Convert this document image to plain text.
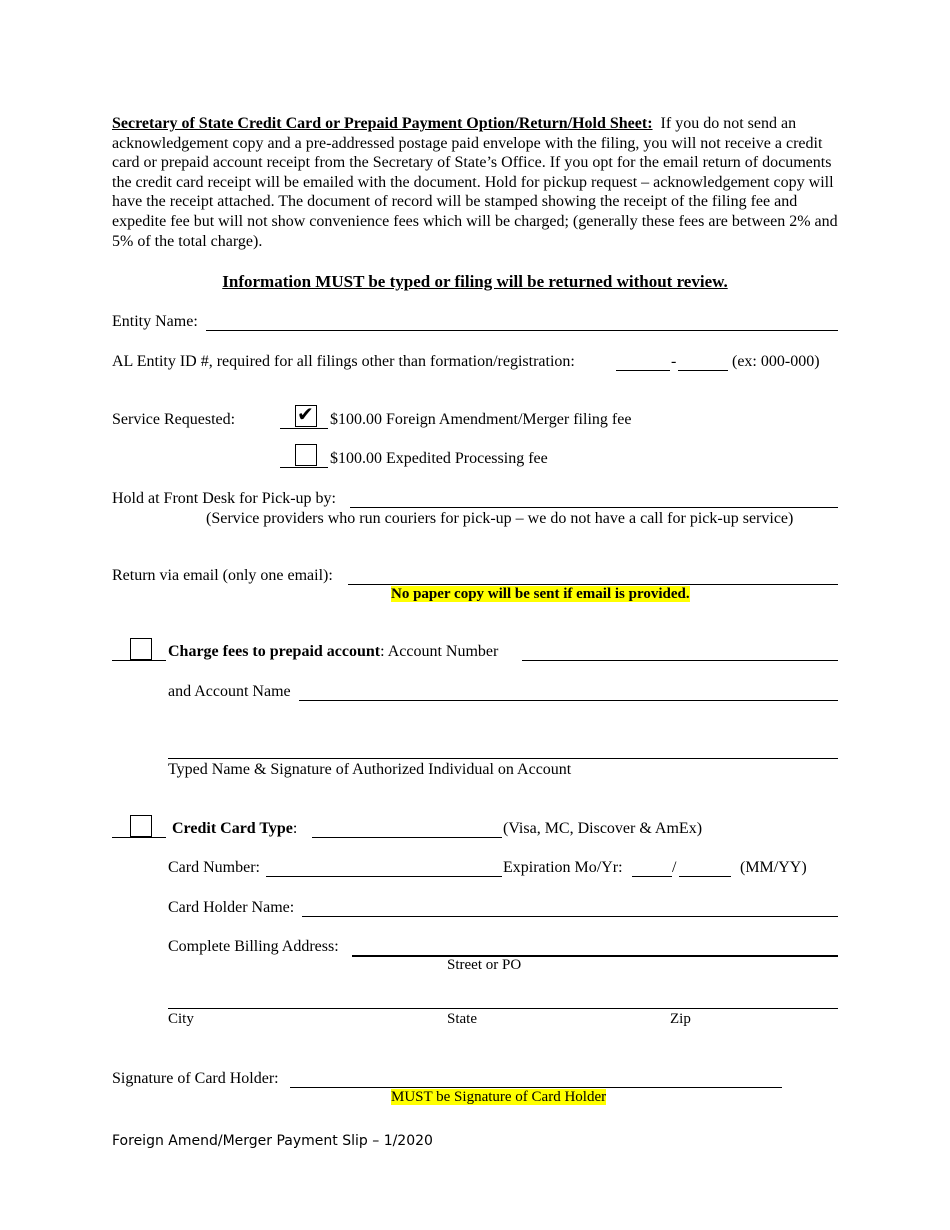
Secretary of State Credit Card or Prepaid Payment Option/Return/Hold Sheet: If you do not send an acknowledgement copy and a pre-addressed postage paid envelope with the filing, you will not receive a credit card or prepaid account receipt from the Secretary of State’s Office. If you opt for the email return of documents the credit card receipt will be emailed with the document. Hold for pickup request – acknowledgement copy will have the receipt attached. The document of record will be stamped showing the receipt of the filing fee and expedite fee but will not show convenience fees which will be charged; (generally these fees are between 2% and 5% of the total charge).
Information MUST be typed or filing will be returned without review.
Entity Name:
AL Entity ID #, required for all filings other than formation/registration:	-	(ex: 000-000)
Service Requested:	✔ $100.00 Foreign Amendment/Merger filing fee
$100.00 Expedited Processing fee
Hold at Front Desk for Pick-up by:
(Service providers who run couriers for pick-up – we do not have a call for pick-up service)
Return via email (only one email):
No paper copy will be sent if email is provided.
Charge fees to prepaid account: Account Number
and Account Name
Typed Name & Signature of Authorized Individual on Account
Credit Card Type:	(Visa, MC, Discover & AmEx)
Card Number:	Expiration Mo/Yr:	/	(MM/YY)
Card Holder Name:
Complete Billing Address:
Street or PO
City	State	Zip
Signature of Card Holder:
MUST be Signature of Card Holder
Foreign Amend/Merger Payment Slip – 1/2020
